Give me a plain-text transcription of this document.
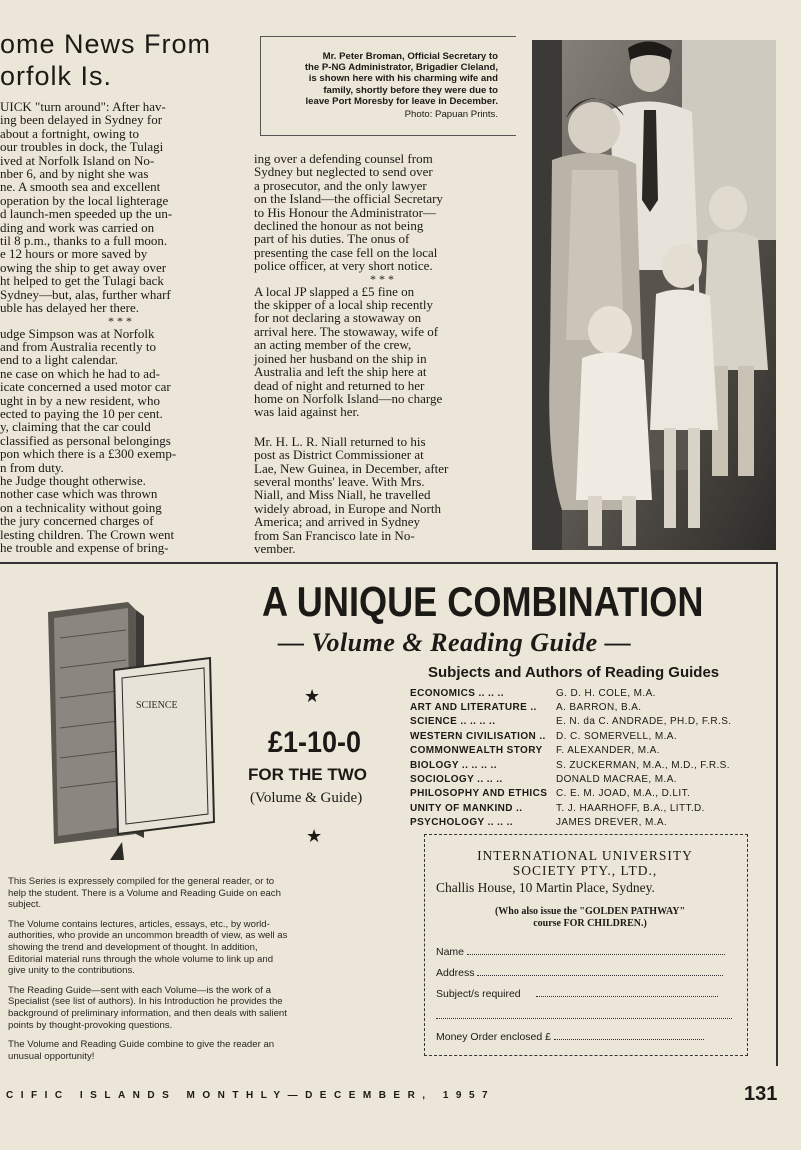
ome News From
orfolk Is.

UICK "turn around": After hav-
ing been delayed in Sydney for
about a fortnight, owing to
our troubles in dock, the Tulagi
ived at Norfolk Island on No-
nber 6, and by night she was
ne. A smooth sea and excellent
operation by the local lighterage
d launch-men speeded up the un-
ding and work was carried on
til 8 p.m., thanks to a full moon.
e 12 hours or more saved by
owing the ship to get away over
ht helped to get the Tulagi back
Sydney—but, alas, further wharf
uble has delayed her there.

* * *

udge Simpson was at Norfolk
and from Australia recently to
end to a light calendar.
ne case on which he had to ad-
icate concerned a used motor car
ught in by a new resident, who
ected to paying the 10 per cent.
y, claiming that the car could
classified as personal belongings
pon which there is a £300 exemp-
n from duty.
he Judge thought otherwise.
nother case which was thrown
on a technicality without going
the jury concerned charges of
lesting children. The Crown went
he trouble and expense of bring-

Mr. Peter Broman, Official Secretary to
the P-NG Administrator, Brigadier Cleland,
is shown here with his charming wife and
family, shortly before they were due to
leave Port Moresby for leave in December.
Photo: Papuan Prints.

ing over a defending counsel from
Sydney but neglected to send over
a prosecutor, and the only lawyer
on the Island—the official Secretary
to His Honour the Administrator—
declined the honour as not being
part of his duties. The onus of
presenting the case fell on the local
police officer, at very short notice.

* * *

A local JP slapped a £5 fine on
the skipper of a local ship recently
for not declaring a stowaway on
arrival here. The stowaway, wife of
an acting member of the crew,
joined her husband on the ship in
Australia and left the ship here at
dead of night and returned to her
home on Norfolk Island—no charge
was laid against her.

Mr. H. L. R. Niall returned to his
post as District Commissioner at
Lae, New Guinea, in December, after
several months' leave. With Mrs.
Niall, and Miss Niall, he travelled
widely abroad, in Europe and North
America; and arrived in Sydney
from San Francisco late in No-
vember.

A UNIQUE COMBINATION
— Volume & Reading Guide —
Subjects and Authors of Reading Guides
ECONOMICS .. .. ..	G. D. H. COLE, M.A.
ART AND LITERATURE ..	A. BARRON, B.A.
SCIENCE .. .. .. ..	E. N. da C. ANDRADE, PH.D, F.R.S.
WESTERN CIVILISATION ..	D. C. SOMERVELL, M.A.
COMMONWEALTH STORY	F. ALEXANDER, M.A.
BIOLOGY .. .. .. ..	S. ZUCKERMAN, M.A., M.D., F.R.S.
SOCIOLOGY .. .. ..	DONALD MACRAE, M.A.
PHILOSOPHY AND ETHICS	C. E. M. JOAD, M.A., D.LIT.
UNITY OF MANKIND ..	T. J. HAARHOFF, B.A., LITT.D.
PSYCHOLOGY .. .. ..	JAMES DREVER, M.A.
SCIENCE	★
£1-10-0
FOR THE TWO
(Volume & Guide)
★

This Series is expressely compiled for the general reader, or to
help the student. There is a Volume and Reading Guide on each
subject.

The Volume contains lectures, articles, essays, etc., by world-
authorities, who provide an uncommon breadth of view, as well as
showing the trend and development of thought. In addition,
Editorial material runs through the whole volume to link up and
give unity to the contributions.

The Reading Guide—sent with each Volume—is the work of a
Specialist (see list of authors). In his Introduction he provides the
background of preliminary information, and then deals with salient
points by thought-provoking questions.

The Volume and Reading Guide combine to give the reader an
unusual opportunity!

INTERNATIONAL UNIVERSITY
SOCIETY PTY., LTD.,
Challis House, 10 Martin Place, Sydney.
(Who also issue the "GOLDEN PATHWAY"
course FOR CHILDREN.)
Name
Address
Subject/s required
Money Order enclosed £
CIFIC ISLANDS MONTHLY—DECEMBER, 1957	131
